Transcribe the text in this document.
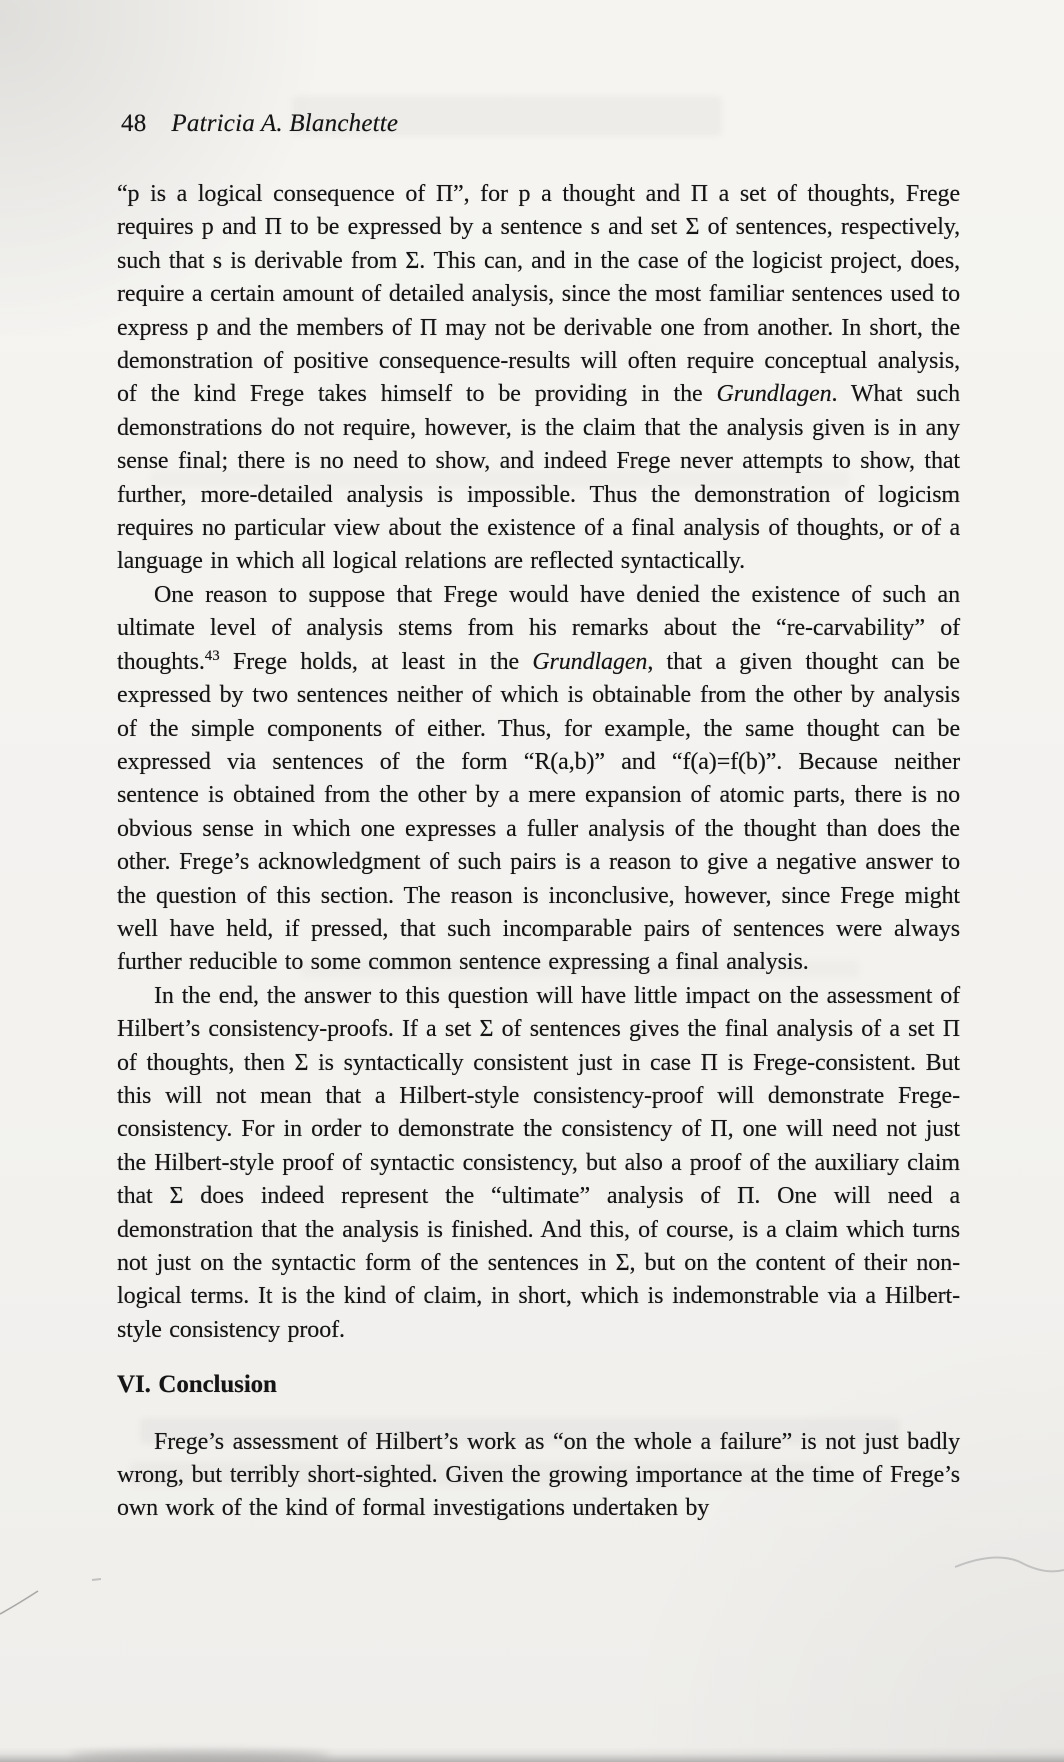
48 Patricia A. Blanchette

“p is a logical consequence of Π”, for p a thought and Π a set of thoughts, Frege requires p and Π to be expressed by a sentence s and set Σ of sentences, respectively, such that s is derivable from Σ. This can, and in the case of the logicist project, does, require a certain amount of detailed analysis, since the most familiar sentences used to express p and the members of Π may not be derivable one from another. In short, the demonstration of positive consequence-results will often require conceptual analysis, of the kind Frege takes himself to be providing in the Grundlagen. What such demonstrations do not require, however, is the claim that the analysis given is in any sense final; there is no need to show, and indeed Frege never attempts to show, that further, more-detailed analysis is impossible. Thus the demonstration of logicism requires no particular view about the existence of a final analysis of thoughts, or of a language in which all logical relations are reflected syntactically.

One reason to suppose that Frege would have denied the existence of such an ultimate level of analysis stems from his remarks about the “re-carvability” of thoughts.$^{43}$ Frege holds, at least in the Grundlagen, that a given thought can be expressed by two sentences neither of which is obtainable from the other by analysis of the simple components of either. Thus, for example, the same thought can be expressed via sentences of the form “R(a,b)” and “f(a)=f(b)”. Because neither sentence is obtained from the other by a mere expansion of atomic parts, there is no obvious sense in which one expresses a fuller analysis of the thought than does the other. Frege’s acknowledgment of such pairs is a reason to give a negative answer to the question of this section. The reason is inconclusive, however, since Frege might well have held, if pressed, that such incomparable pairs of sentences were always further reducible to some common sentence expressing a final analysis.

In the end, the answer to this question will have little impact on the assessment of Hilbert’s consistency-proofs. If a set Σ of sentences gives the final analysis of a set Π of thoughts, then Σ is syntactically consistent just in case Π is Frege-consistent. But this will not mean that a Hilbert-style consistency-proof will demonstrate Frege-consistency. For in order to demonstrate the consistency of Π, one will need not just the Hilbert-style proof of syntactic consistency, but also a proof of the auxiliary claim that Σ does indeed represent the “ultimate” analysis of Π. One will need a demonstration that the analysis is finished. And this, of course, is a claim which turns not just on the syntactic form of the sentences in Σ, but on the content of their non-logical terms. It is the kind of claim, in short, which is indemonstrable via a Hilbert-style consistency proof.

VI. Conclusion

Frege’s assessment of Hilbert’s work as “on the whole a failure” is not just badly wrong, but terribly short-sighted. Given the growing importance at the time of Frege’s own work of the kind of formal investigations undertaken by
